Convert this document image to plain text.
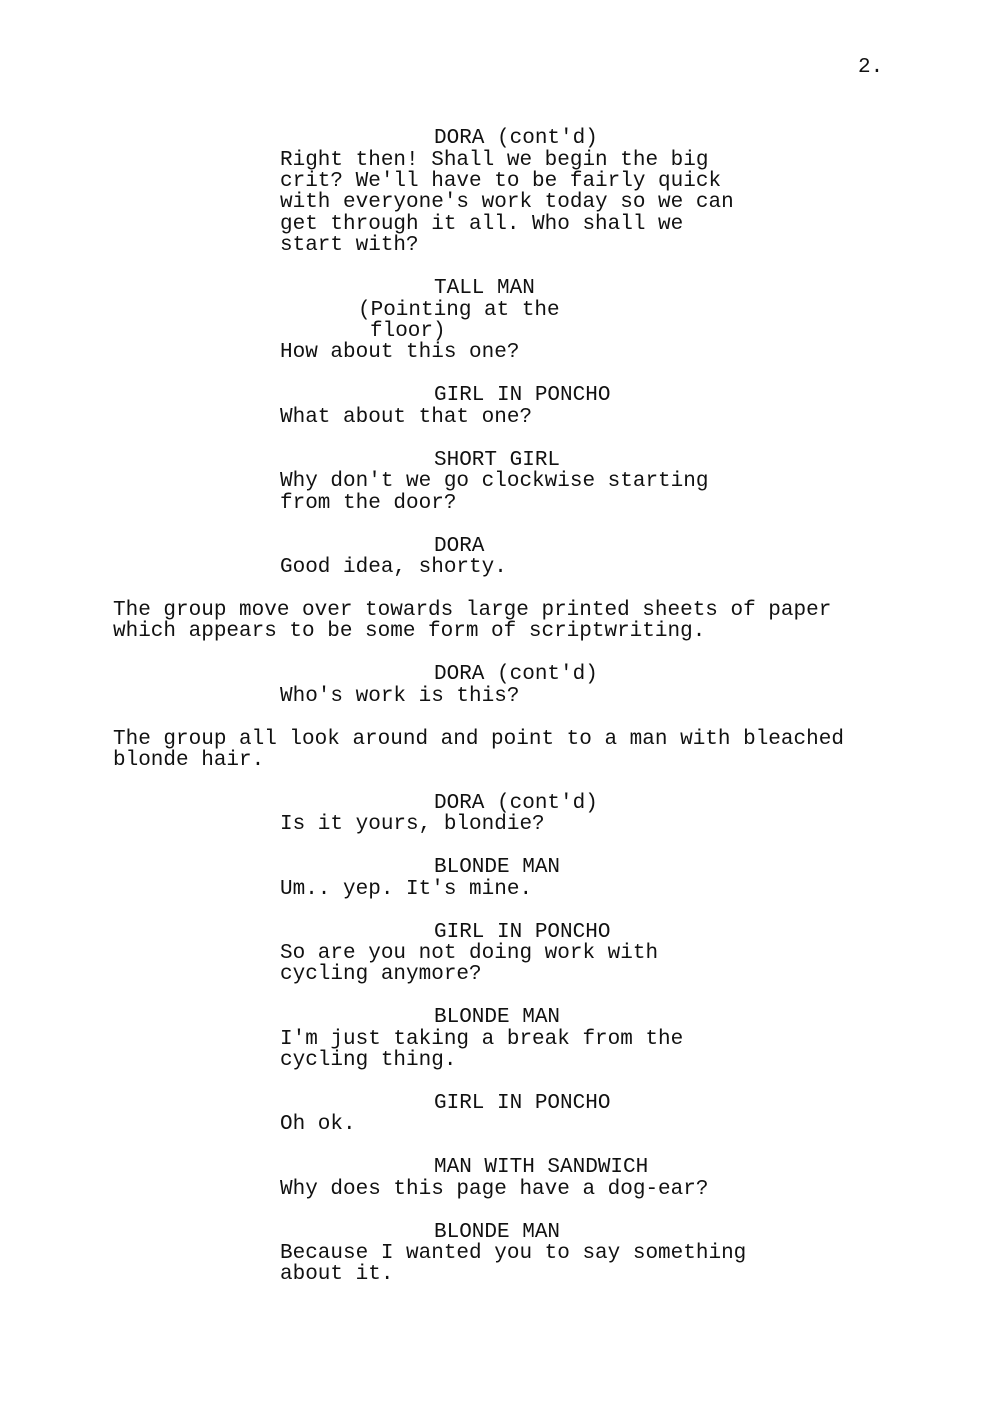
2.
DORA (cont'd)
Right then! Shall we begin the big
crit? We'll have to be fairly quick
with everyone's work today so we can
get through it all. Who shall we
start with?
TALL MAN
(Pointing at the
floor)
How about this one?
GIRL IN PONCHO
What about that one?
SHORT GIRL
Why don't we go clockwise starting
from the door?
DORA
Good idea, shorty.
The group move over towards large printed sheets of paper
which appears to be some form of scriptwriting.
DORA (cont'd)
Who's work is this?
The group all look around and point to a man with bleached
blonde hair.
DORA (cont'd)
Is it yours, blondie?
BLONDE MAN
Um.. yep. It's mine.
GIRL IN PONCHO
So are you not doing work with
cycling anymore?
BLONDE MAN
I'm just taking a break from the
cycling thing.
GIRL IN PONCHO
Oh ok.
MAN WITH SANDWICH
Why does this page have a dog-ear?
BLONDE MAN
Because I wanted you to say something
about it.
